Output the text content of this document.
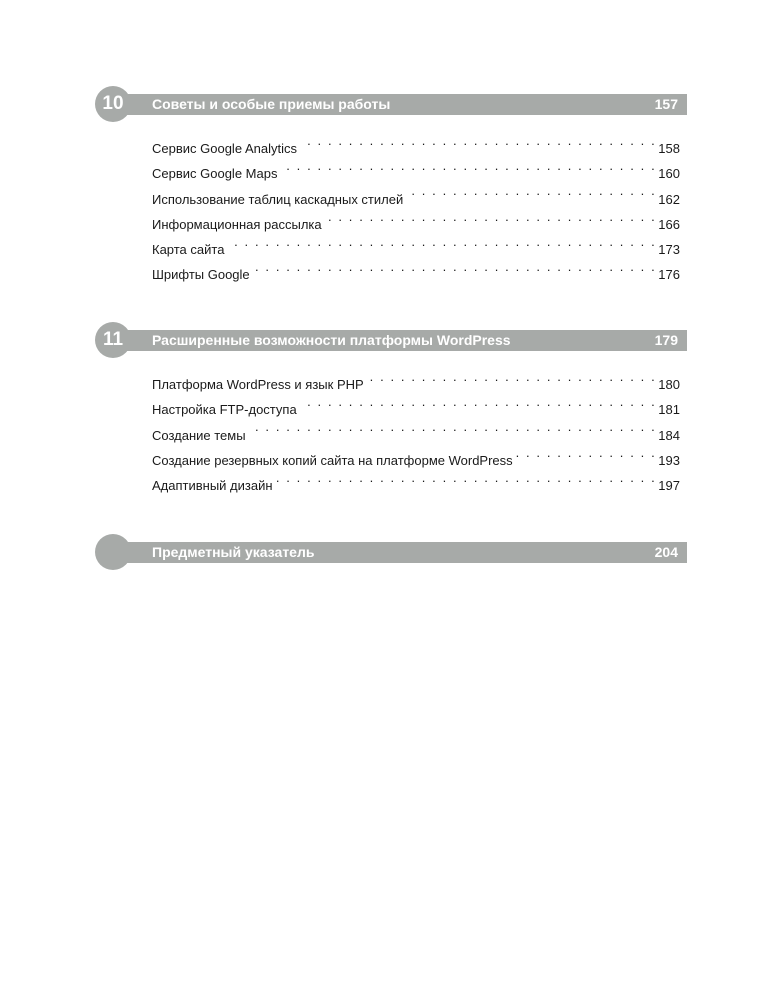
10 Советы и особые приемы работы	157
Сервис Google Analytics . . .	158
Сервис Google Maps . . .	160
Использование таблиц каскадных стилей . . .	162
Информационная рассылка . . .	166
Карта сайта . . .	173
Шрифты Google . . .	176
11 Расширенные возможности платформы WordPress	179
Платформа WordPress и язык PHP . . .	180
Настройка FTP-доступа . . .	181
Создание темы . . .	184
Создание резервных копий сайта на платформе WordPress . . .	193
Адаптивный дизайн . . .	197
Предметный указатель	204
